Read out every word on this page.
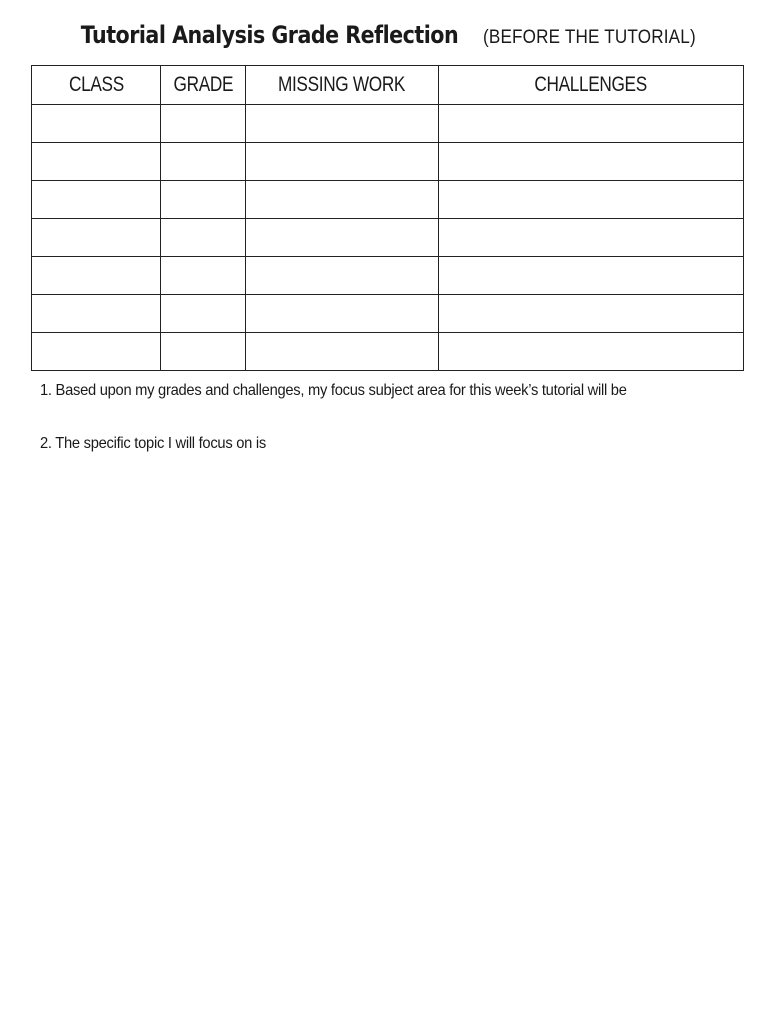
Tutorial Analysis Grade Reflection (BEFORE THE TUTORIAL)
CLASS	GRADE	MISSING WORK	CHALLENGES

1. Based upon my grades and challenges, my focus subject area for this week’s tutorial will be
2. The specific topic I will focus on is
